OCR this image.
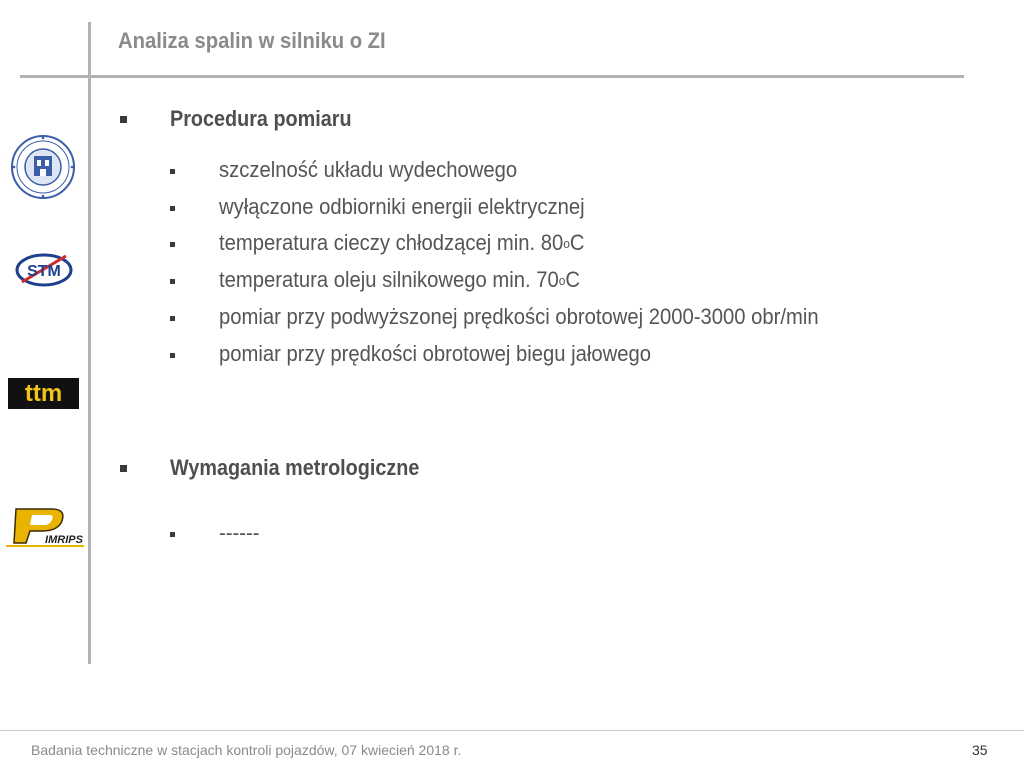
Analiza spalin w silniku o ZI
Procedura pomiaru
szczelność układu wydechowego
wyłączone odbiorniki energii elektrycznej
temperatura cieczy chłodzącej min. 80$^o$C
temperatura oleju silnikowego min. 70$^o$C
pomiar przy podwyższonej prędkości obrotowej 2000-3000 obr/min
pomiar przy prędkości obrotowej biegu jałowego
Wymagania metrologiczne
------
STM
ttm
IMRIPS
Badania techniczne w stacjach kontroli pojazdów, 07 kwiecień 2018 r.	35
